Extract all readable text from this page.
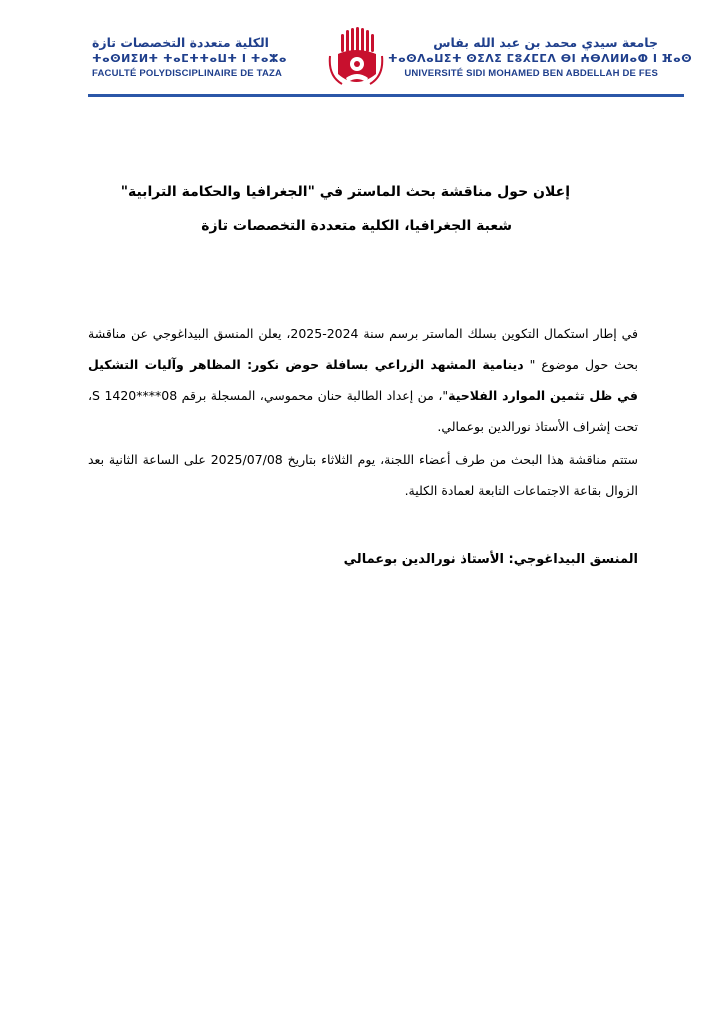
الكلية متعددة التخصصات تازة
ⵜⴰⵙⵍⵉⵍⵜ ⵜⴰⵎⵜⵜⴰⵡⵜ ⵏ ⵜⴰⵣⴰ
FACULTÉ POLYDISCIPLINAIRE DE TAZA
جامعة سيدي محمد بن عبد الله بفاس
ⵜⴰⵙⴷⴰⵡⵉⵜ ⵙⵉⴷⵉ ⵎⵓⵃⵎⵎⴷ ⴱⵏ ⵄⴱⴷⵍⵍⴰⵀ ⵏ ⴼⴰⵙ
UNIVERSITÉ SIDI MOHAMED BEN ABDELLAH DE FES
إعلان حول مناقشة بحث الماستر في "الجغرافيا والحكامة الترابية"
شعبة الجغرافيا، الكلية متعددة التخصصات تازة

في إطار استكمال التكوين بسلك الماستر برسم سنة 2024-2025، يعلن المنسق البيداغوجي عن مناقشة بحث حول موضوع " دينامية المشهد الزراعي بسافلة حوض نكور: المظاهر وآليات التشكيل في ظل تثمين الموارد الفلاحية"، من إعداد الطالبة حنان محموسي، المسجلة برقم S 1420****08، تحت إشراف الأستاذ نورالدين بوعمالي.

ستتم مناقشة هذا البحث من طرف أعضاء اللجنة، يوم الثلاثاء بتاريخ 2025/07/08 على الساعة الثانية بعد الزوال بقاعة الاجتماعات التابعة لعمادة الكلية.

المنسق البيداغوجي: الأستاذ نورالدين بوعمالي
